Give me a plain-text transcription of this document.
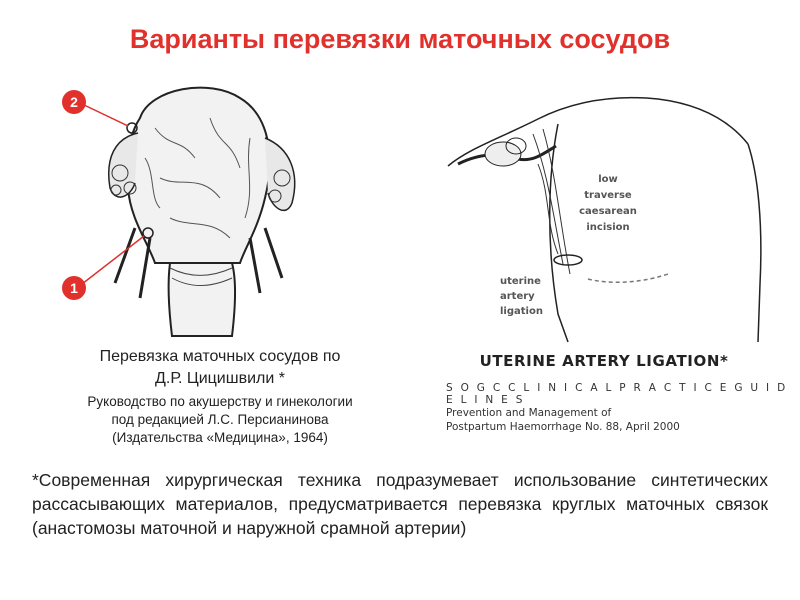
Варианты перевязки маточных сосудов
2
1
low
traverse
caesarean
incision
uterine
artery
ligation
Перевязка маточных сосудов по
Д.Р. Цицишвили *
Руководство по акушерству и гинекологии
под редакцией Л.С. Персианинова
(Издательства «Медицина», 1964)
UTERINE ARTERY LIGATION*
S O G C C L I N I C A L P R A C T I C E G U I D E L I N E S
Prevention and Management of
Postpartum Haemorrhage No. 88, April 2000
*Современная хирургическая техника подразумевает использование синтетических рассасывающих материалов, предусматривается перевязка круглых маточных связок (анастомозы маточной и наружной срамной артерии)
